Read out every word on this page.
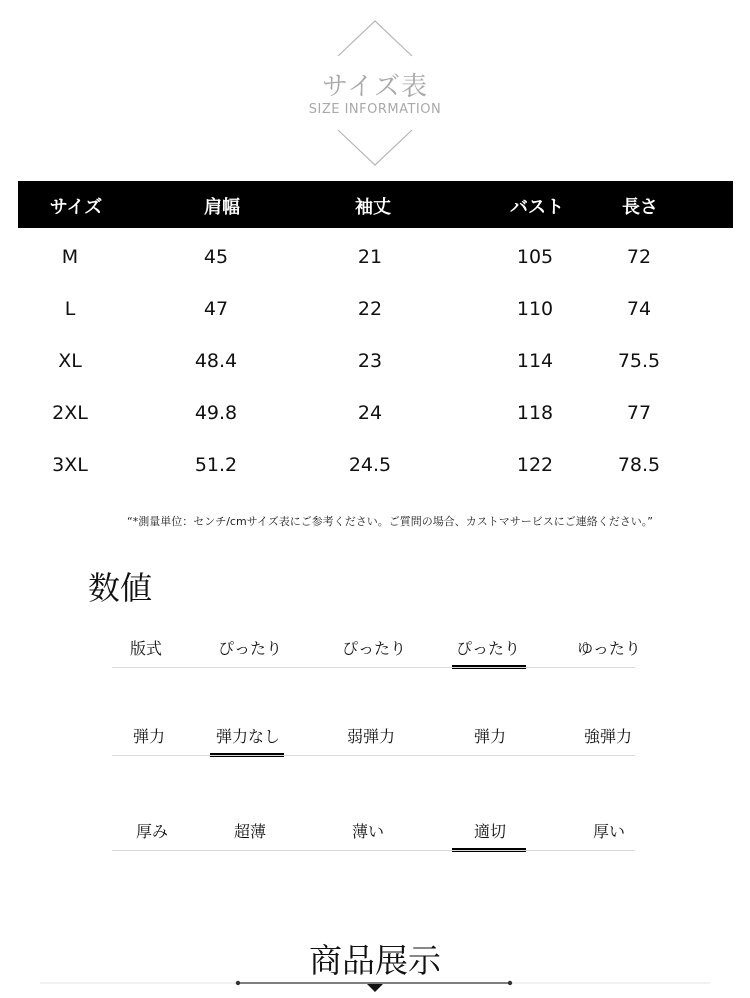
サイズ表
SIZE INFORMATION
サイズ	肩幅	袖丈	バスト	長さ
M	45	21	105	72
L	47	22	110	74
XL	48.4	23	114	75.5
2XL	49.8	24	118	77
3XL	51.2	24.5	122	78.5
“*測量単位：センチ/cmサイズ表にご参考ください。ご質問の場合、カストマサービスにご連絡ください。”
数値
版式	ぴったり	ぴったり	ぴったり	ゆったり
弾力	弾力なし	弱弾力	弾力	強弾力
厚み	超薄	薄い	適切	厚い
商品展示
